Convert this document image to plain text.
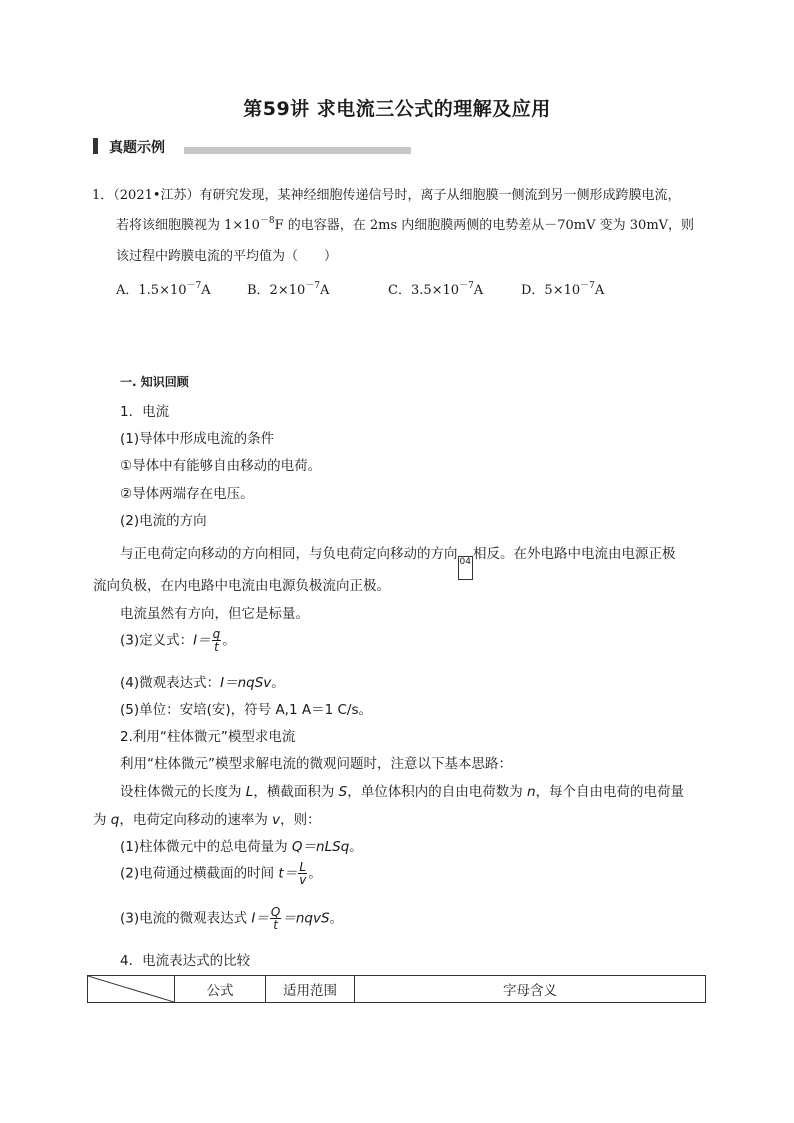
第59讲 求电流三公式的理解及应用
真题示例
1．（2021•江苏）有研究发现，某神经细胞传递信号时，离子从细胞膜一侧流到另一侧形成跨膜电流，
若将该细胞膜视为 $1\times 10^{-8}F$ 的电容器，在 2ms 内细胞膜两侧的电势差从－70mV 变为 30mV，则
该过程中跨膜电流的平均值为（　　）
A．$1.5\times 10^{-7}A$	B．$2\times 10^{-7}A$	C．$3.5\times 10^{-7}A$	D．$5\times 10^{-7}A$
一. 知识回顾
1．电流
(1)导体中形成电流的条件
①导体中有能够自由移动的电荷。
②导体两端存在电压。
(2)电流的方向
与正电荷定向移动的方向相同，与负电荷定向移动的方向 04 相反。在外电路中电流由电源正极
流向负极，在内电路中电流由电源负极流向正极。
电流虽然有方向，但它是标量。
(3)定义式：$I= \frac{q}{t}$ 。
(4)微观表达式：I＝nqSv。
(5)单位：安培(安)，符号 A,1 A＝1 C/s。
2.利用“柱体微元”模型求电流
利用“柱体微元”模型求解电流的微观问题时，注意以下基本思路：
设柱体微元的长度为 L，横截面积为 S，单位体积内的自由电荷数为 n，每个自由电荷的电荷量
为 q，电荷定向移动的速率为 v，则：
(1)柱体微元中的总电荷量为 Q＝nLSq。
(2)电荷通过横截面的时间 $t= \frac{L}{v}$ 。
(3)电流的微观表达式 $I= \frac{Q}{t}$ ＝nqvS。
4．电流表达式的比较
	公式	适用范围	字母含义
